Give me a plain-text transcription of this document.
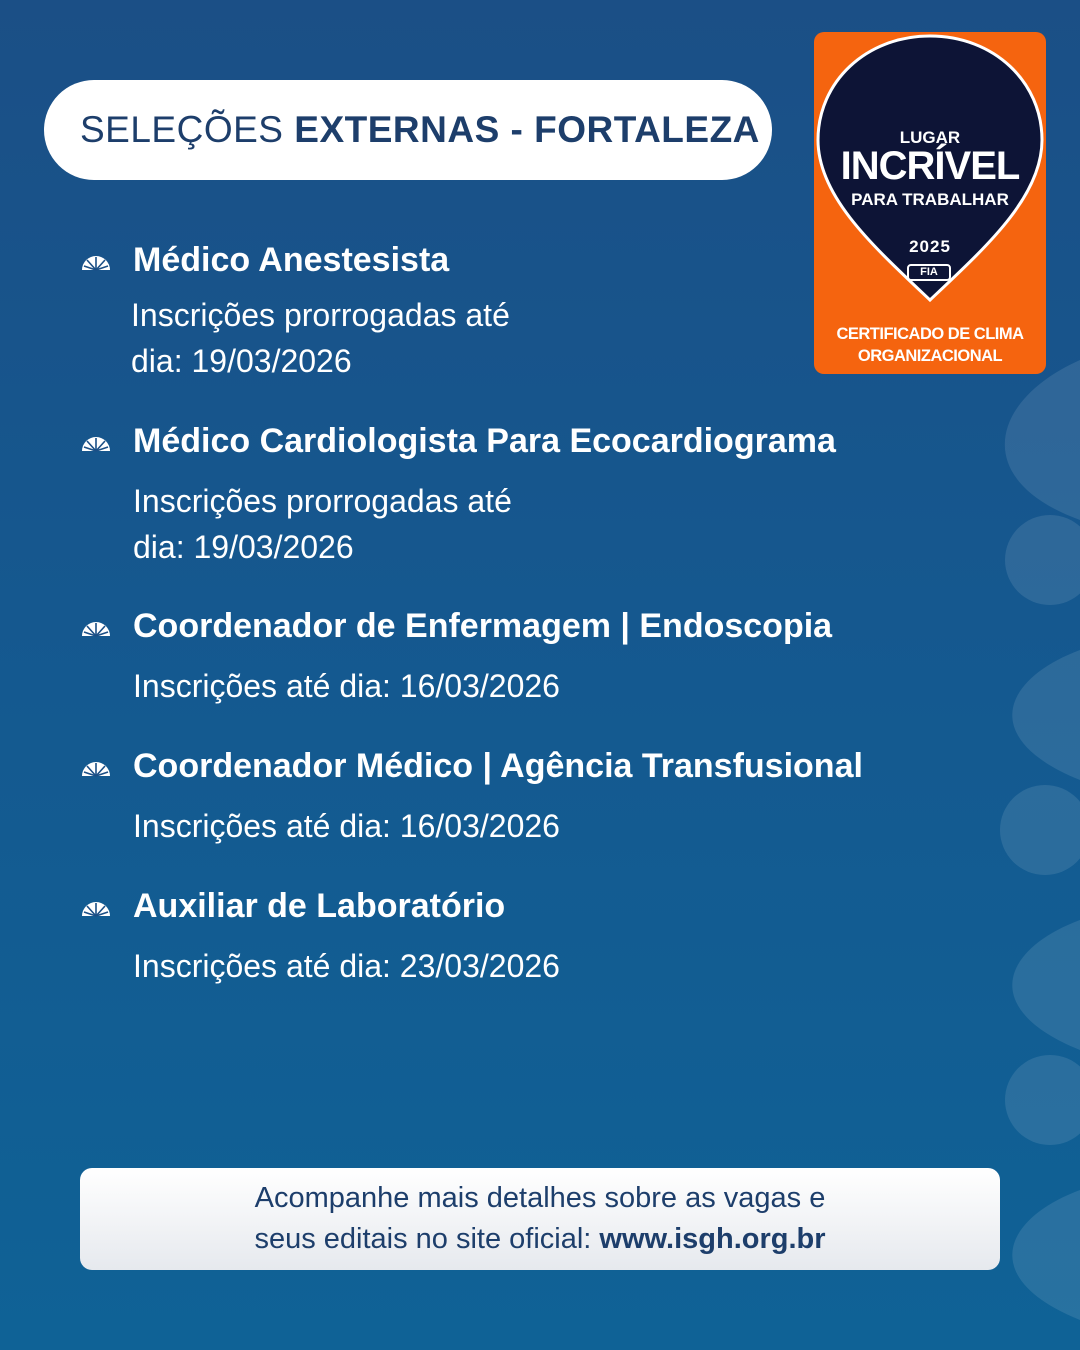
SELEÇÕES
EXTERNAS - FORTALEZA	LUGAR
INCRÍVEL
PARA TRABALHAR
2025
FIA
CERTIFICADO DE CLIMA
ORGANIZACIONAL
Médico Anestesista
Inscrições prorrogadas até
dia: 19/03/2026
Médico Cardiologista Para Ecocardiograma
Inscrições prorrogadas até
dia: 19/03/2026
Coordenador de Enfermagem | Endoscopia
Inscrições até dia: 16/03/2026
Coordenador Médico | Agência Transfusional
Inscrições até dia: 16/03/2026
Auxiliar de Laboratório
Inscrições até dia: 23/03/2026
Acompanhe mais detalhes sobre as vagas e
seus editais no site oficial: www.isgh.org.br
